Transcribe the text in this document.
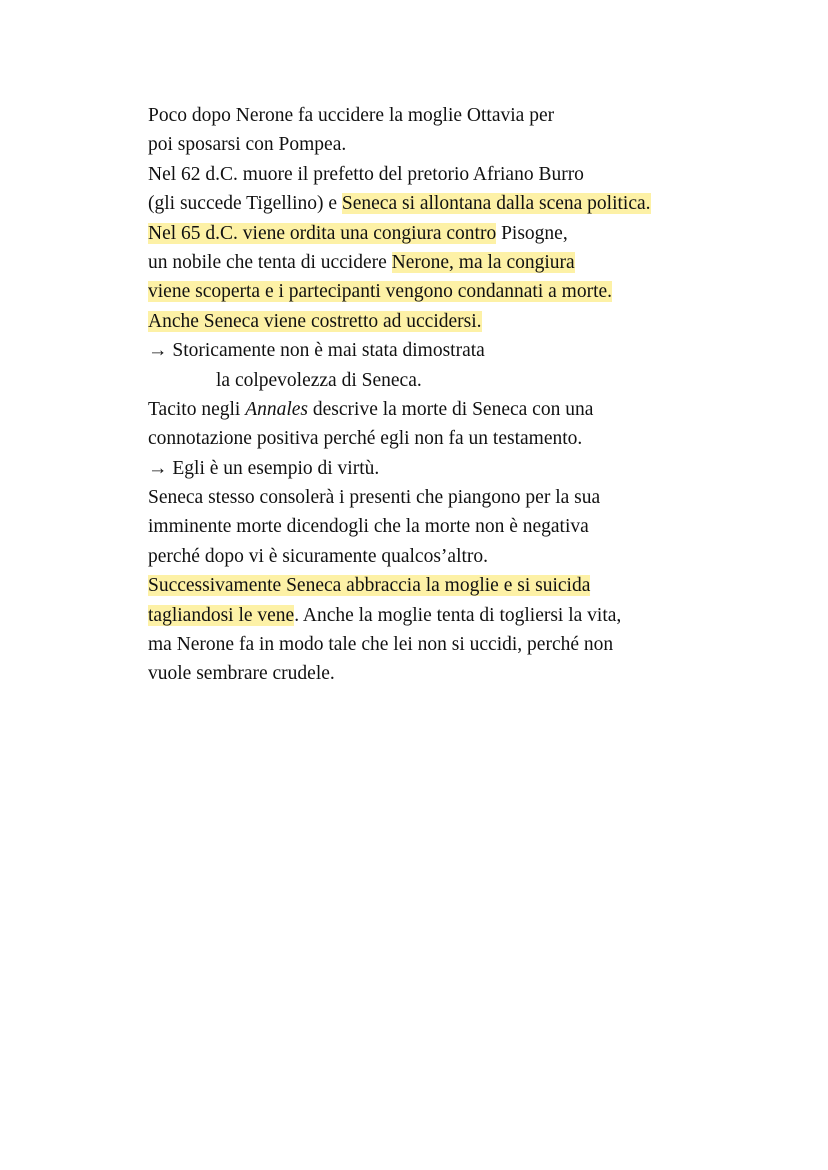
Poco dopo Nerone fa uccidere la moglie Ottavia per
poi sposarsi con Pompea.
Nel 62 d.C. muore il prefetto del pretorio Afriano Burro
(gli succede Tigellino) e Seneca si allontana dalla scena politica.
Nel 65 d.C. viene ordita una congiura contro Pisogne,
un nobile che tenta di uccidere Nerone, ma la congiura
viene scoperta e i partecipanti vengono condannati a morte.
Anche Seneca viene costretto ad uccidersi.
→ Storicamente non è mai stata dimostrata
la colpevolezza di Seneca.
Tacito negli Annales descrive la morte di Seneca con una
connotazione positiva perché egli non fa un testamento.
→ Egli è un esempio di virtù.
Seneca stesso consolerà i presenti che piangono per la sua
imminente morte dicendogli che la morte non è negativa
perché dopo vi è sicuramente qualcos’altro.
Successivamente Seneca abbraccia la moglie e si suicida
tagliandosi le vene. Anche la moglie tenta di togliersi la vita,
ma Nerone fa in modo tale che lei non si uccidi, perché non
vuole sembrare crudele.
